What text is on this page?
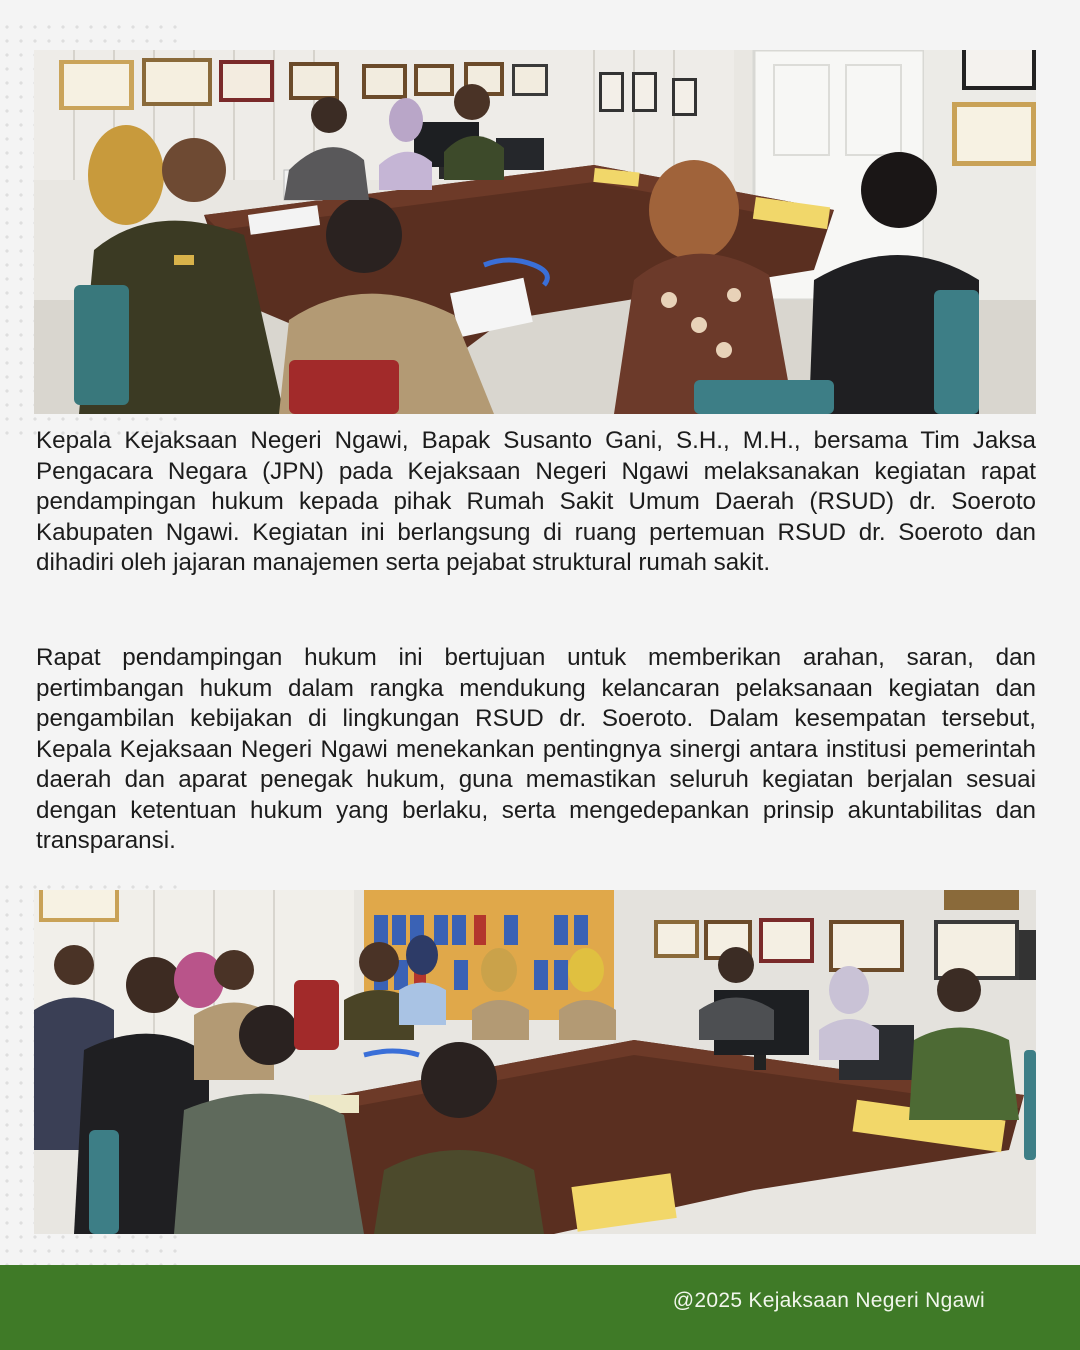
Kepala Kejaksaan Negeri Ngawi, Bapak Susanto Gani, S.H., M.H., bersama Tim Jaksa Pengacara Negara (JPN) pada Kejaksaan Negeri Ngawi melaksanakan kegiatan rapat pendampingan hukum kepada pihak Rumah Sakit Umum Daerah (RSUD) dr. Soeroto Kabupaten Ngawi. Kegiatan ini berlangsung di ruang pertemuan RSUD dr. Soeroto dan dihadiri oleh jajaran manajemen serta pejabat struktural rumah sakit.

Rapat pendampingan hukum ini bertujuan untuk memberikan arahan, saran, dan pertimbangan hukum dalam rangka mendukung kelancaran pelaksanaan kegiatan dan pengambilan kebijakan di lingkungan RSUD dr. Soeroto. Dalam kesempatan tersebut, Kepala Kejaksaan Negeri Ngawi menekankan pentingnya sinergi antara institusi pemerintah daerah dan aparat penegak hukum, guna memastikan seluruh kegiatan berjalan sesuai dengan ketentuan hukum yang berlaku, serta mengedepankan prinsip akuntabilitas dan transparansi.

@2025 Kejaksaan Negeri Ngawi
